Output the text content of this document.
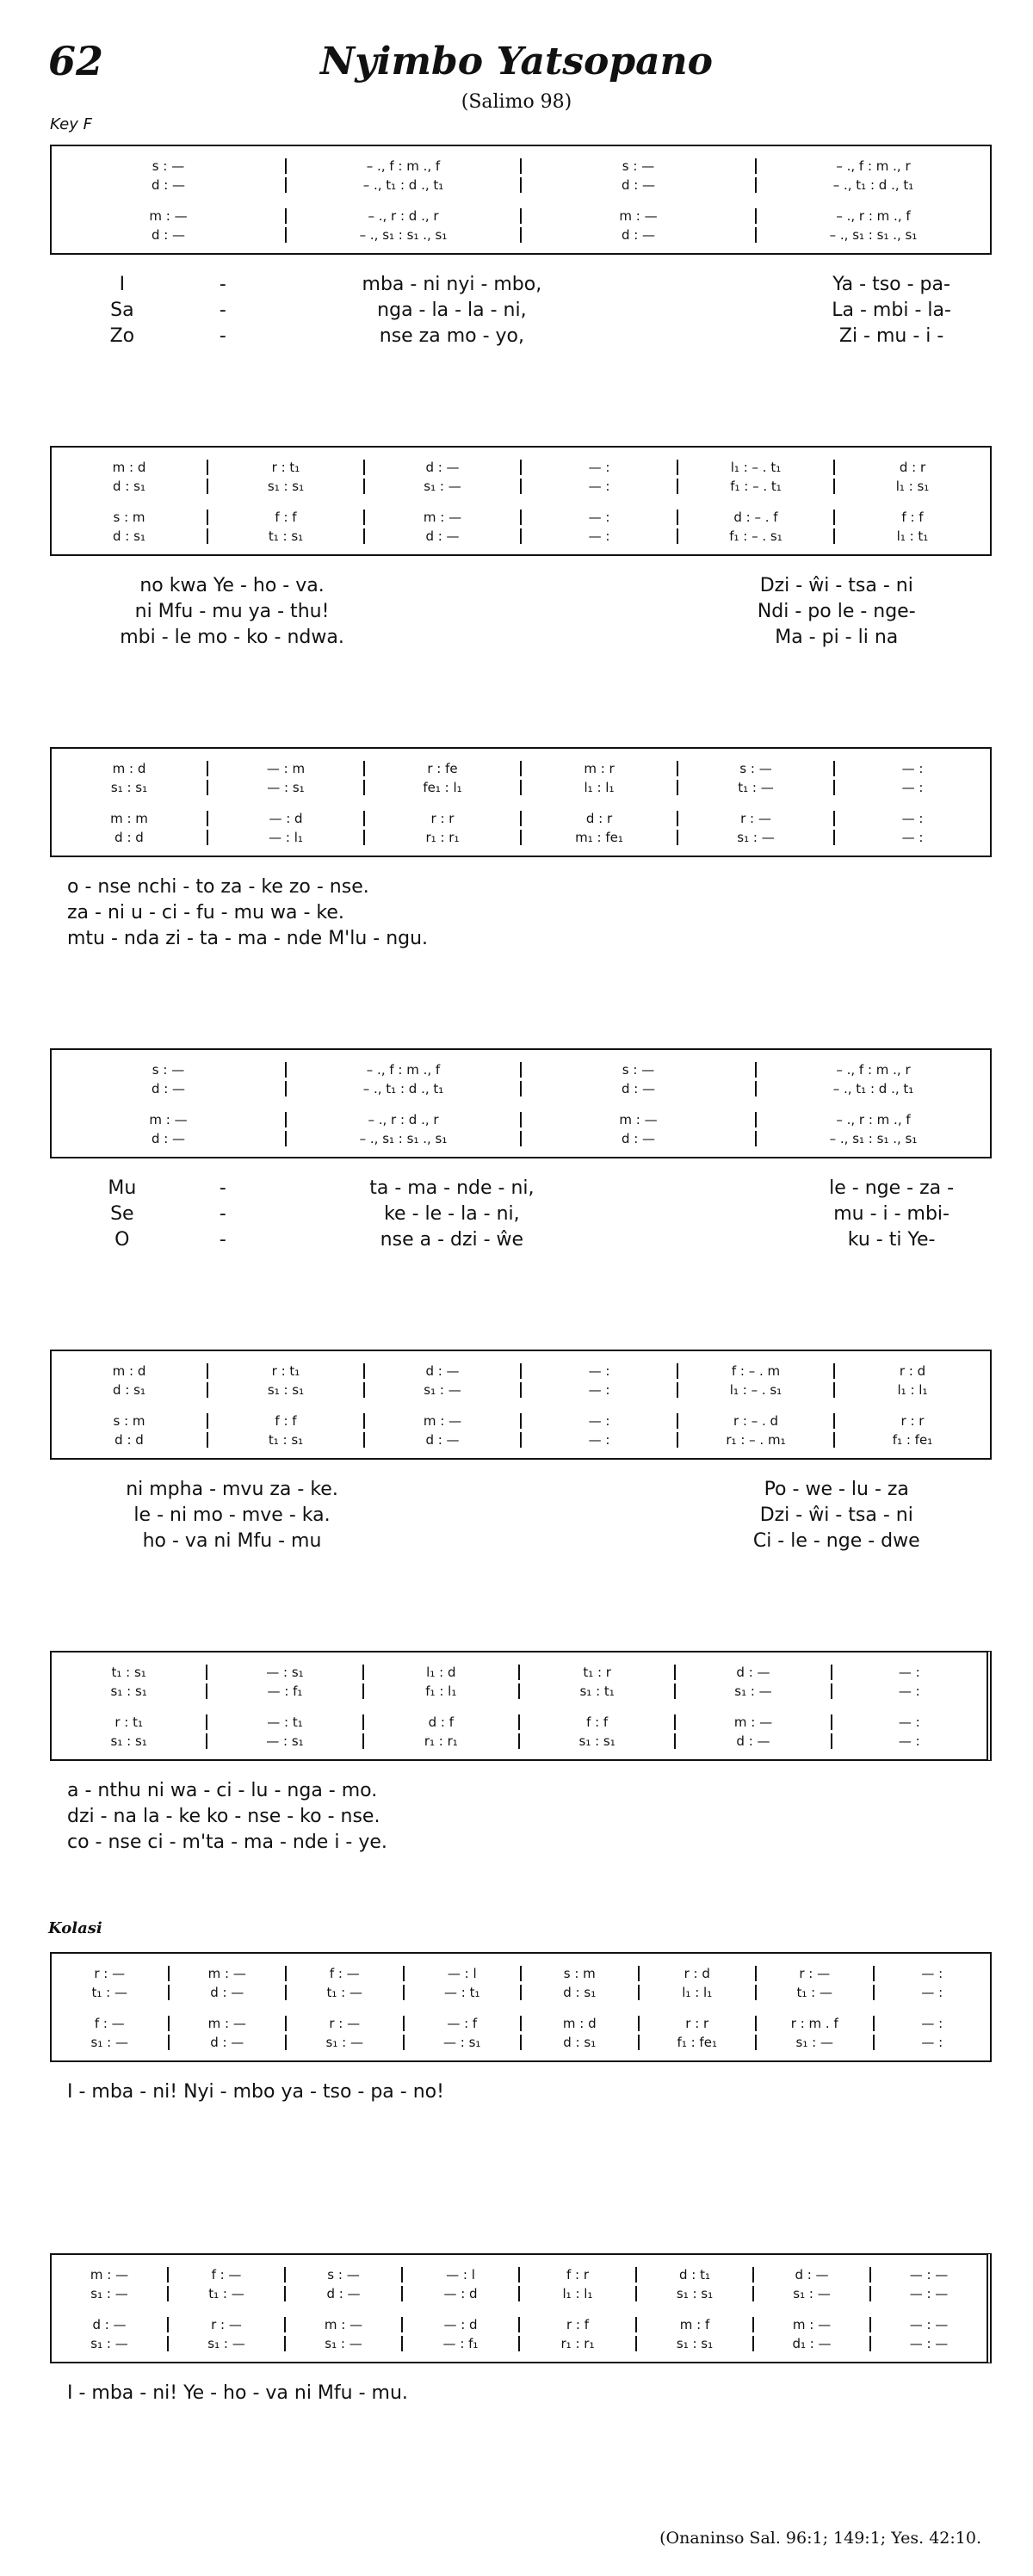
62	Nyimbo Yatsopano
(Salimo 98)
Key F
Kolasi
(Onaninso Sal. 96:1; 149:1; Yes. 42:10.
s : —	– ., f : m ., f	s : —	– ., f : m ., r
d : —	– ., t₁ : d ., t₁	d : —	– ., t₁ : d ., t₁
m : —	– ., r : d ., r	m : —	– ., r : m ., f
d : —	– ., s₁ : s₁ ., s₁	d : —	– ., s₁ : s₁ ., s₁
I	-	mba - ni nyi - mbo,	Ya - tso - pa-
Sa	-	nga - la - la - ni,	La - mbi - la-
Zo	-	nse za mo - yo,	Zi - mu - i -
m : d	r : t₁	d : —	— :	l₁ : – . t₁	d : r
d : s₁	s₁ : s₁	s₁ : —	— :	f₁ : – . t₁	l₁ : s₁
s : m	f : f	m : —	— :	d : – . f	f : f
d : s₁	t₁ : s₁	d : —	— :	f₁ : – . s₁	l₁ : t₁
no kwa Ye - ho - va.	Dzi - ŵi - tsa - ni
ni Mfu - mu ya - thu!	Ndi - po le - nge-
mbi - le mo - ko - ndwa.	Ma - pi - li na
m : d	— : m	r : fe	m : r	s : —	— :
s₁ : s₁	— : s₁	fe₁ : l₁	l₁ : l₁	t₁ : —	— :
m : m	— : d	r : r	d : r	r : —	— :
d : d	— : l₁	r₁ : r₁	m₁ : fe₁	s₁ : —	— :
o - nse nchi - to za - ke zo - nse.
za - ni u - ci - fu - mu wa - ke.
mtu - nda zi - ta - ma - nde M'lu - ngu.
s : —	– ., f : m ., f	s : —	– ., f : m ., r
d : —	– ., t₁ : d ., t₁	d : —	– ., t₁ : d ., t₁
m : —	– ., r : d ., r	m : —	– ., r : m ., f
d : —	– ., s₁ : s₁ ., s₁	d : —	– ., s₁ : s₁ ., s₁
Mu	-	ta - ma - nde - ni,	le - nge - za -
Se	-	ke - le - la - ni,	mu - i - mbi-
O	-	nse a - dzi - ŵe	ku - ti Ye-
m : d	r : t₁	d : —	— :	f : – . m	r : d
d : s₁	s₁ : s₁	s₁ : —	— :	l₁ : – . s₁	l₁ : l₁
s : m	f : f	m : —	— :	r : – . d	r : r
d : d	t₁ : s₁	d : —	— :	r₁ : – . m₁	f₁ : fe₁
ni mpha - mvu za - ke.	Po - we - lu - za
le - ni mo - mve - ka.	Dzi - ŵi - tsa - ni
ho - va ni Mfu - mu	Ci - le - nge - dwe
t₁ : s₁	— : s₁	l₁ : d	t₁ : r	d : —	— :
s₁ : s₁	— : f₁	f₁ : l₁	s₁ : t₁	s₁ : —	— :
r : t₁	— : t₁	d : f	f : f	m : —	— :
s₁ : s₁	— : s₁	r₁ : r₁	s₁ : s₁	d : —	— :
a - nthu ni wa - ci - lu - nga - mo.
dzi - na la - ke ko - nse - ko - nse.
co - nse ci - m'ta - ma - nde i - ye.
r : —	m : —	f : —	— : l	s : m	r : d	r : —	— :
t₁ : —	d : —	t₁ : —	— : t₁	d : s₁	l₁ : l₁	t₁ : —	— :
f : —	m : —	r : —	— : f	m : d	r : r	r : m . f	— :
s₁ : —	d : —	s₁ : —	— : s₁	d : s₁	f₁ : fe₁	s₁ : —	— :
I - mba - ni! Nyi - mbo ya - tso - pa - no!
m : —	f : —	s : —	— : l	f : r	d : t₁	d : —	— : —
s₁ : —	t₁ : —	d : —	— : d	l₁ : l₁	s₁ : s₁	s₁ : —	— : —
d : —	r : —	m : —	— : d	r : f	m : f	m : —	— : —
s₁ : —	s₁ : —	s₁ : —	— : f₁	r₁ : r₁	s₁ : s₁	d₁ : —	— : —
I - mba - ni! Ye - ho - va ni Mfu - mu.
